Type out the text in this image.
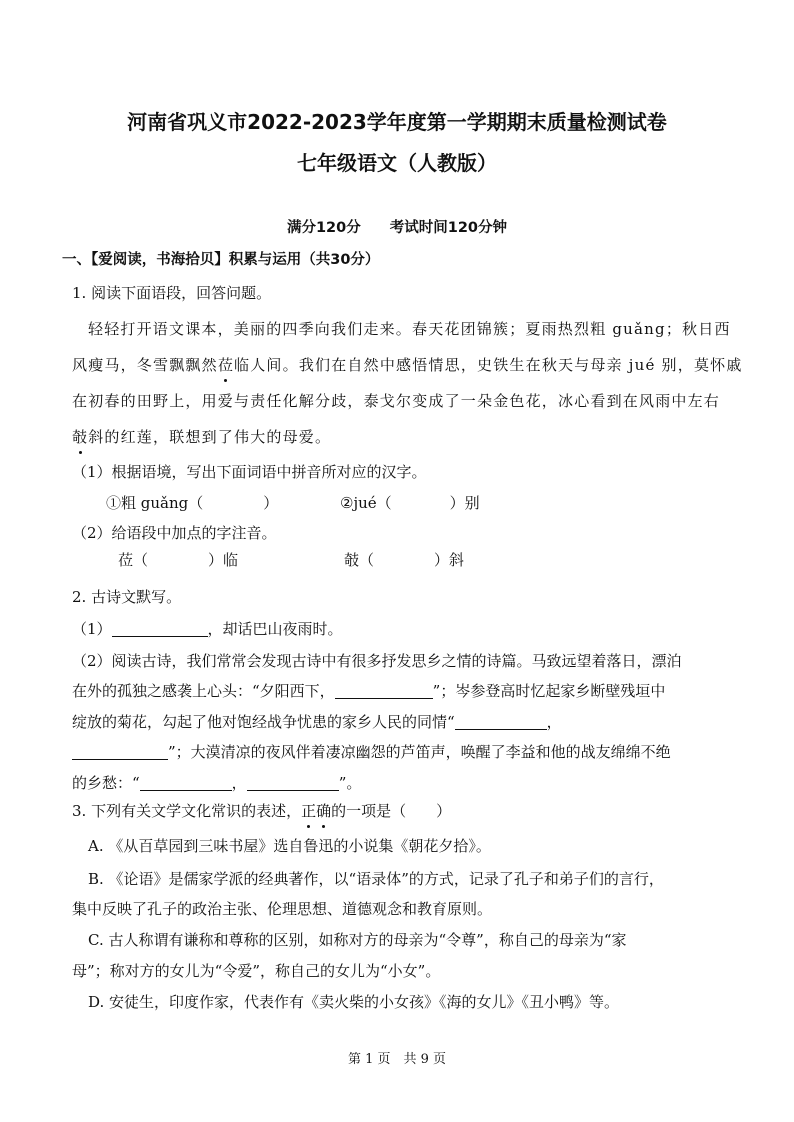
河南省巩义市2022-2023学年度第一学期期末质量检测试卷
七年级语文（人教版）
满分120分　　考试时间120分钟
一、【爱阅读，书海拾贝】积累与运用（共30分）
1. 阅读下面语段，回答问题。
轻轻打开语文课本，美丽的四季向我们走来。春天花团锦簇；夏雨热烈粗 guǎng；秋日西
风瘦马，冬雪飘飘然莅临人间。我们在自然中感悟情思，史铁生在秋天与母亲 jué 别，莫怀戚
在初春的田野上，用爱与责任化解分歧，泰戈尔变成了一朵金色花，冰心看到在风雨中左右
攲斜的红莲，联想到了伟大的母爱。
（1）根据语境，写出下面词语中拼音所对应的汉字。
①粗 guǎng（	）	②jué（	）别
（2）给语段中加点的字注音。
莅（	）临	攲（	）斜
2. 古诗文默写。
（1）	，却话巴山夜雨时。
（2）阅读古诗，我们常常会发现古诗中有很多抒发思乡之情的诗篇。马致远望着落日，漂泊
在外的孤独之感袭上心头：“夕阳西下，	”；岑参登高时忆起家乡断壁残垣中
绽放的菊花，勾起了他对饱经战争忧患的家乡人民的同情“	，
”；大漠清凉的夜风伴着凄凉幽怨的芦笛声，唤醒了李益和他的战友绵绵不绝
的乡愁：“	，	”。
3. 下列有关文学文化常识的表述，正确的一项是（　　）
A. 《从百草园到三味书屋》选自鲁迅的小说集《朝花夕拾》。
B. 《论语》是儒家学派的经典著作，以“语录体”的方式，记录了孔子和弟子们的言行，
集中反映了孔子的政治主张、伦理思想、道德观念和教育原则。
C. 古人称谓有谦称和尊称的区别，如称对方的母亲为“令尊”，称自己的母亲为“家
母”；称对方的女儿为“令爱”，称自己的女儿为“小女”。
D. 安徒生，印度作家，代表作有《卖火柴的小女孩》《海的女儿》《丑小鸭》等。
第 1 页　共 9 页
